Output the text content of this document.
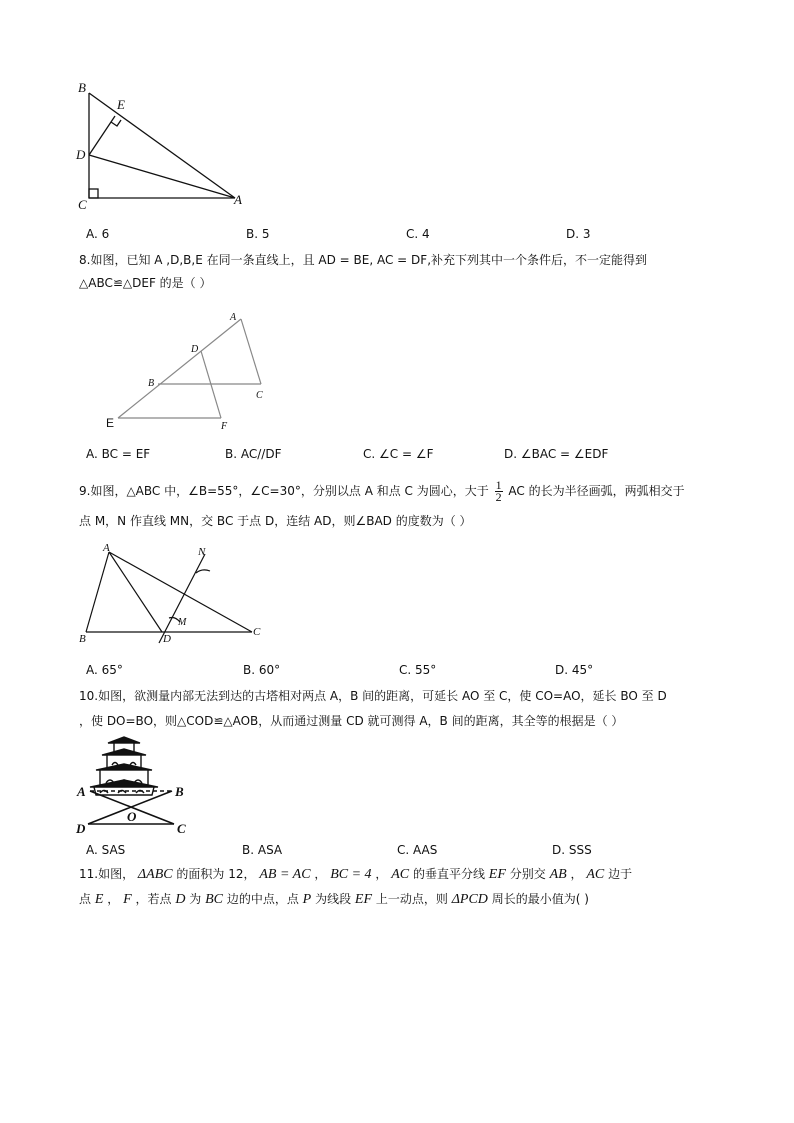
B
E
D
C	A
A. 6	B. 5	C. 4	D. 3
8.如图，已知 A ,D,B,E 在同一条直线上，且 AD = BE, AC = DF,补充下列其中一个条件后，不一定能得到
△ABC≌△DEF 的是（ ）
A
D
B
C
E	F
A. BC = EF	B. AC//DF	C. ∠C = ∠F	D. ∠BAC = ∠EDF
9.如图，△ABC 中，∠B=55°，∠C=30°，分别以点 A 和点 C 为圆心，大于 $\frac{1}{2}$ AC 的长为半径画弧，两弧相交于
点 M，N 作直线 MN，交 BC 于点 D，连结 AD，则∠BAD 的度数为（ ）
A	N
M
B	D
C
A. 65°	B. 60°	C. 55°	D. 45°
10.如图，欲测量内部无法到达的古塔相对两点 A，B 间的距离，可延长 AO 至 C，使 CO=AO，延长 BO 至 D
，使 DO=BO，则△COD≌△AOB，从而通过测量 CD 就可测得 A，B 间的距离，其全等的根据是（ ）
A	B
O
D	C
A. SAS	B. ASA	C. AAS	D. SSS
11.如图， ΔABC 的面积为 12， AB = AC ， BC = 4 ， AC 的垂直平分线 EF 分别交 AB ， AC 边于
点 E ， F ，若点 D 为 BC 边的中点，点 P 为线段 EF 上一动点，则 ΔPCD 周长的最小值为( )
